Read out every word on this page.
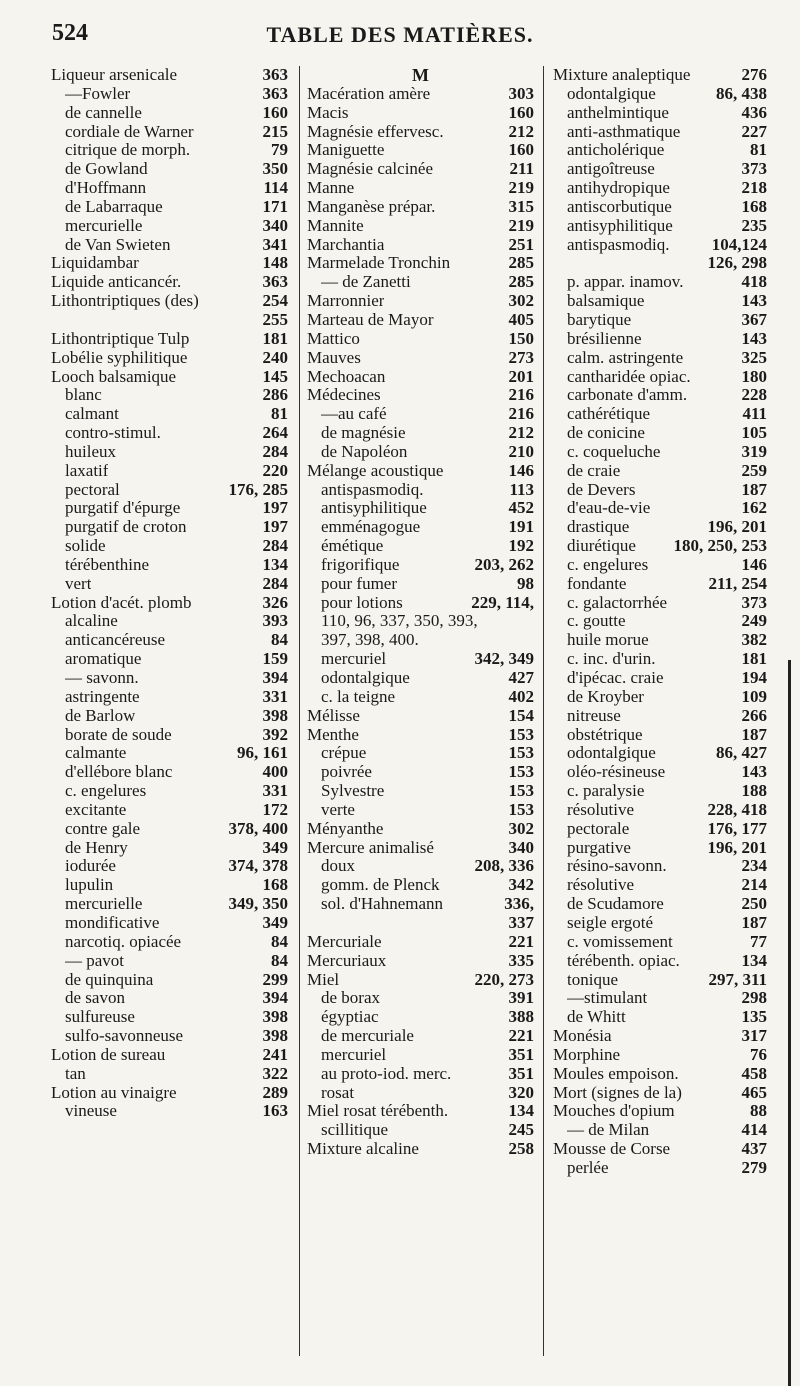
524	TABLE DES MATIÈRES.
Liqueur arsenicale	363
—Fowler	363
de cannelle	160
cordiale de Warner	215
citrique de morph.	79
de Gowland	350
d'Hoffmann	114
de Labarraque	171
mercurielle	340
de Van Swieten	341
Liquidambar	148
Liquide anticancér.	363
Lithontriptiques (des)	254
255
Lithontriptique Tulp	181
Lobélie syphilitique	240
Looch balsamique	145
blanc	286
calmant	81
contro-stimul.	264
huileux	284
laxatif	220
pectoral	176, 285
purgatif d'épurge	197
purgatif de croton	197
solide	284
térébenthine	134
vert	284
Lotion d'acét. plomb	326
alcaline	393
anticancéreuse	84
aromatique	159
— savonn.	394
astringente	331
de Barlow	398
borate de soude	392
calmante	96, 161
d'ellébore blanc	400
c. engelures	331
excitante	172
contre gale	378, 400
de Henry	349
iodurée	374, 378
lupulin	168
mercurielle	349, 350
mondificative	349
narcotiq. opiacée	84
— pavot	84
de quinquina	299
de savon	394
sulfureuse	398
sulfo-savonneuse	398
Lotion de sureau	241
tan	322
Lotion au vinaigre	289
vineuse	163
M
Macération amère	303
Macis	160
Magnésie effervesc.	212
Maniguette	160
Magnésie calcinée	211
Manne	219
Manganèse prépar.	315
Mannite	219
Marchantia	251
Marmelade Tronchin	285
— de Zanetti	285
Marronnier	302
Marteau de Mayor	405
Mattico	150
Mauves	273
Mechoacan	201
Médecines	216
—au café	216
de magnésie	212
de Napoléon	210
Mélange acoustique	146
antispasmodiq.	113
antisyphilitique	452
emménagogue	191
émétique	192
frigorifique	203, 262
pour fumer	98
pour lotions	229, 114,
110, 96, 337, 350, 393,
397, 398, 400.
mercuriel	342, 349
odontalgique	427
c. la teigne	402
Mélisse	154
Menthe	153
crépue	153
poivrée	153
Sylvestre	153
verte	153
Ményanthe	302
Mercure animalisé	340
doux	208, 336
gomm. de Plenck	342
sol. d'Hahnemann	336,
337
Mercuriale	221
Mercuriaux	335
Miel	220, 273
de borax	391
égyptiac	388
de mercuriale	221
mercuriel	351
au proto-iod. merc.	351
rosat	320
Miel rosat térébenth.	134
scillitique	245
Mixture alcaline	258
Mixture analeptique	276
odontalgique	86, 438
anthelmintique	436
anti-asthmatique	227
anticholérique	81
antigoîtreuse	373
antihydropique	218
antiscorbutique	168
antisyphilitique	235
antispasmodiq. 104,124
126, 298
p. appar. inamov.	418
balsamique	143
barytique	367
brésilienne	143
calm. astringente	325
cantharidée opiac.	180
carbonate d'amm.	228
cathérétique	411
de conicine	105
c. coqueluche	319
de craie	259
de Devers	187
d'eau-de-vie	162
drastique	196, 201
diurétique 180, 250, 253
c. engelures	146
fondante	211, 254
c. galactorrhée	373
c. goutte	249
huile morue	382
c. inc. d'urin.	181
d'ipécac. craie	194
de Kroyber	109
nitreuse	266
obstétrique	187
odontalgique	86, 427
oléo-résineuse	143
c. paralysie	188
résolutive	228, 418
pectorale	176, 177
purgative	196, 201
résino-savonn.	234
résolutive	214
de Scudamore	250
seigle ergoté	187
c. vomissement	77
térébenth. opiac.	134
tonique	297, 311
—stimulant	298
de Whitt	135
Monésia	317
Morphine	76
Moules empoison.	458
Mort (signes de la)	465
Mouches d'opium	88
— de Milan	414
Mousse de Corse	437
perlée	279
